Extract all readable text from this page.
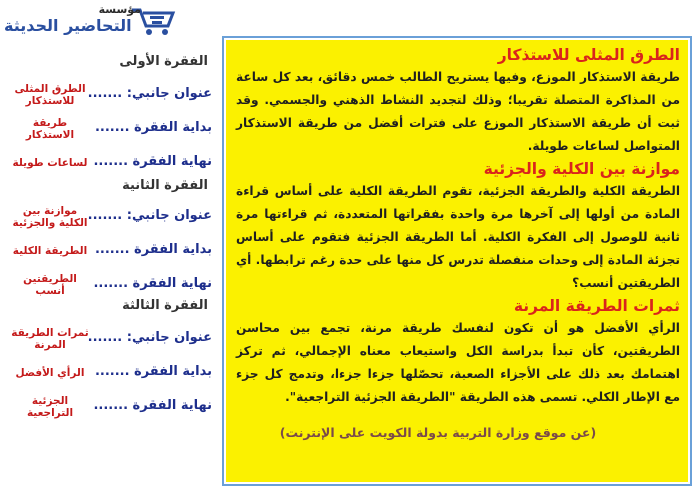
مؤسسة
التحاضير الحديثة
الفقرة الأولى
عنوان جانبي: .......
الطرق المثلى للاستذكار
بداية الفقرة .......
طريقة الاستذكار
نهاية الفقرة .......
لساعات طويلة
الفقرة الثانية
عنوان جانبي: .......
موازنة بين الكلية والجزئية
بداية الفقرة .......
الطريقة الكلية
نهاية الفقرة .......
الطريقتين أنسب
الفقرة الثالثة
عنوان جانبي: .......
ثمرات الطريقة المرنة
بداية الفقرة .......
الرأي الأفضل
نهاية الفقرة .......
الجزئية التراجعية

الطرق المثلى للاستذكار

طريقة الاستذكار الموزع، وفيها يستريح الطالب خمس دقائق، بعد كل ساعة من المذاكرة المتصلة تقريبا؛ وذلك لتجديد النشاط الذهني والجسمي. وقد ثبت أن طريقة الاستذكار الموزع على فترات أفضل من طريقة الاستذكار المتواصل لساعات طويلة.

موازنة بين الكلية والجزئية

الطريقة الكلية والطريقة الجزئية، تقوم الطريقة الكلية على أساس قراءة المادة من أولها إلى آخرها مرة واحدة بفقراتها المتعددة، ثم قراءتها مرة ثانية للوصول إلى الفكرة الكلية. أما الطريقة الجزئية فتقوم على أساس تجزئة المادة إلى وحدات منفصلة تدرس كل منها على حدة رغم ترابطها. أي الطريقتين أنسب؟

ثمرات الطريقة المرنة

الرأي الأفضل هو أن تكون لنفسك طريقة مرنة، تجمع بين محاسن الطريقتين، كأن تبدأ بدراسة الكل واستيعاب معناه الإجمالي، ثم تركز اهتمامك بعد ذلك على الأجزاء الصعبة، تحصّلها جزءا جزءا، وتدمج كل جزء مع الإطار الكلي. تسمى هذه الطريقة "الطريقة الجزئية التراجعية".

(عن موقع وزارة التربية بدولة الكويت على الإنترنت)
